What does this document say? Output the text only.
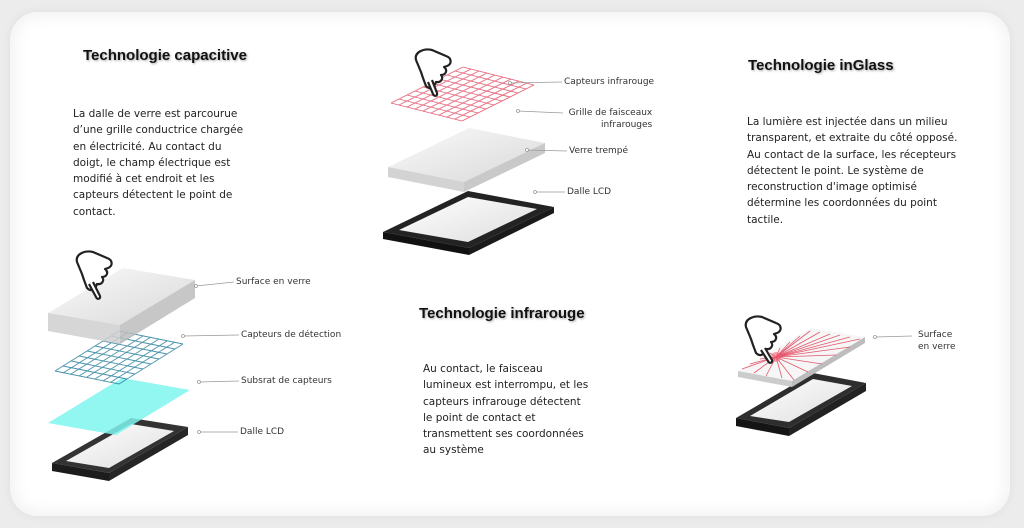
Technologie capacitive
Technologie infrarouge
Technologie inGlass
La dalle de verre est parcourue
d’une grille conductrice chargée
en électricité. Au contact du
doigt, le champ électrique est
modifié à cet endroit et les
capteurs détectent le point de
contact.
Au contact, le faisceau
lumineux est interrompu, et les
capteurs infrarouge détectent
le point de contact et
transmettent ses coordonnées
au système
La lumière est injectée dans un milieu
transparent, et extraite du côté opposé.
Au contact de la surface, les récepteurs
détectent le point. Le système de
reconstruction d'image optimisé
détermine les coordonnées du point
tactile.
Capteurs infrarouge
Grille de faisceaux
infrarouges
Verre trempé
Dalle LCD
Surface en verre
Capteurs de détection
Subsrat de capteurs
Dalle LCD
Surface
en verre
